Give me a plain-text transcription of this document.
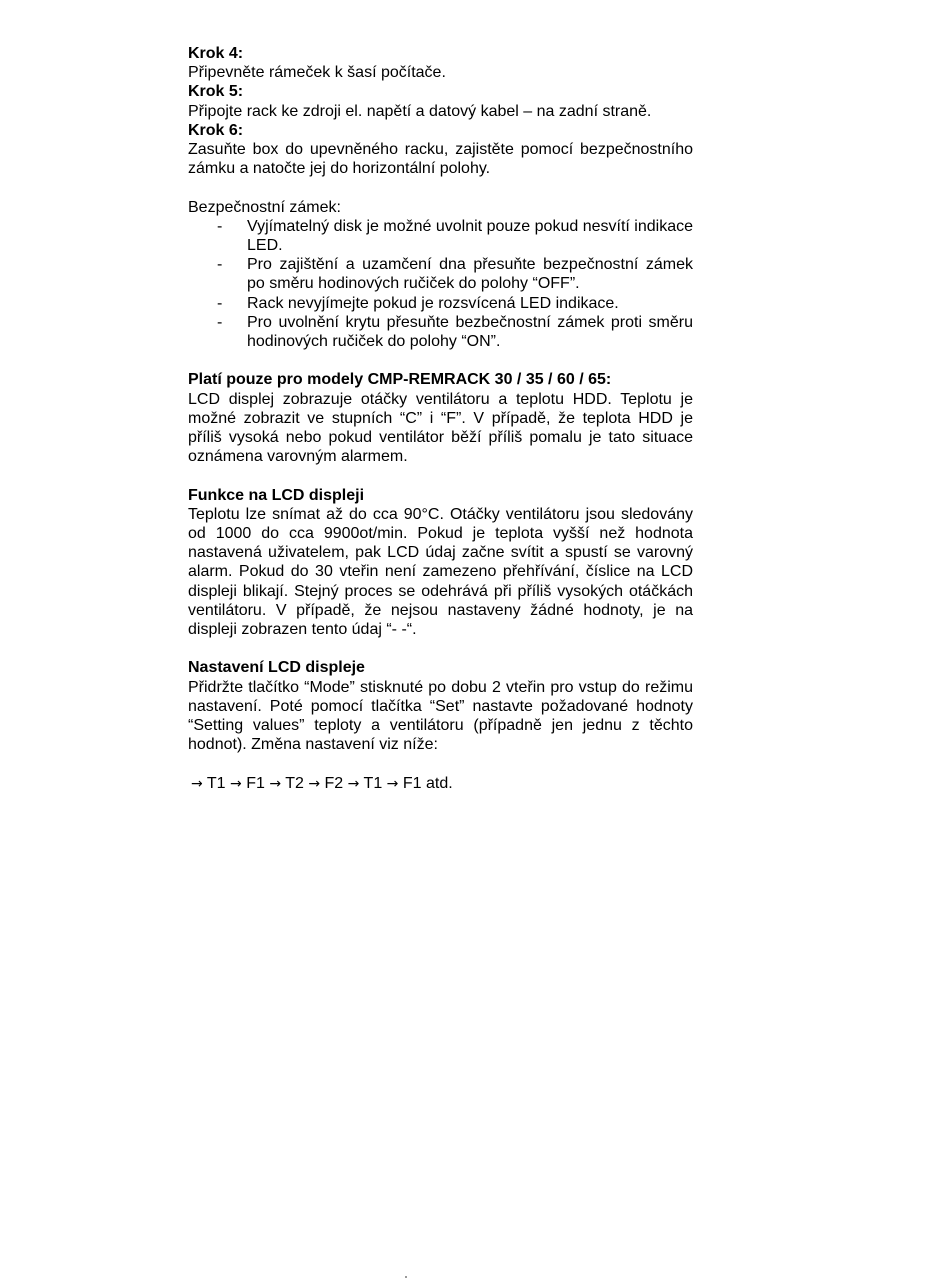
Krok 4:

Připevněte rámeček k šasí počítače.

Krok 5:

Připojte rack ke zdroji el. napětí a datový kabel – na zadní straně.

Krok 6:

Zasuňte box do upevněného racku, zajistěte pomocí bezpečnostního zámku a natočte jej do horizontální polohy.

Bezpečnostní zámek:

- Vyjímatelný disk je možné uvolnit pouze pokud nesvítí indikace LED.
- Pro zajištění a uzamčení dna přesuňte bezpečnostní zámek po směru hodinových ručiček do polohy “OFF”.
- Rack nevyjímejte pokud je rozsvícená LED indikace.
- Pro uvolnění krytu přesuňte bezbečnostní zámek proti směru hodinových ručiček do polohy “ON”.

Platí pouze pro modely CMP-REMRACK 30 / 35 / 60 / 65:

LCD displej zobrazuje otáčky ventilátoru a teplotu HDD. Teplotu je možné zobrazit ve stupních “C” i “F”. V případě, že teplota HDD je příliš vysoká nebo pokud ventilátor běží příliš pomalu je tato situace oznámena varovným alarmem.

Funkce na LCD displeji

Teplotu lze snímat až do cca 90°C. Otáčky ventilátoru jsou sledovány od 1000 do cca 9900ot/min. Pokud je teplota vyšší než hodnota nastavená uživatelem, pak LCD údaj začne svítit a spustí se varovný alarm. Pokud do 30 vteřin není zamezeno přehřívání, číslice na LCD displeji blikají. Stejný proces se odehrává při příliš vysokých otáčkách ventilátoru. V případě, že nejsou nastaveny žádné hodnoty, je na displeji zobrazen tento údaj “- -“.

Nastavení LCD displeje

Přidržte tlačítko “Mode” stisknuté po dobu 2 vteřin pro vstup do režimu nastavení. Poté pomocí tlačítka “Set” nastavte požadované hodnoty “Setting values” teploty a ventilátoru (případně jen jednu z těchto hodnot). Změna nastavení viz níže:

→ T1 → F1 → T2 → F2 → T1 → F1 atd.
